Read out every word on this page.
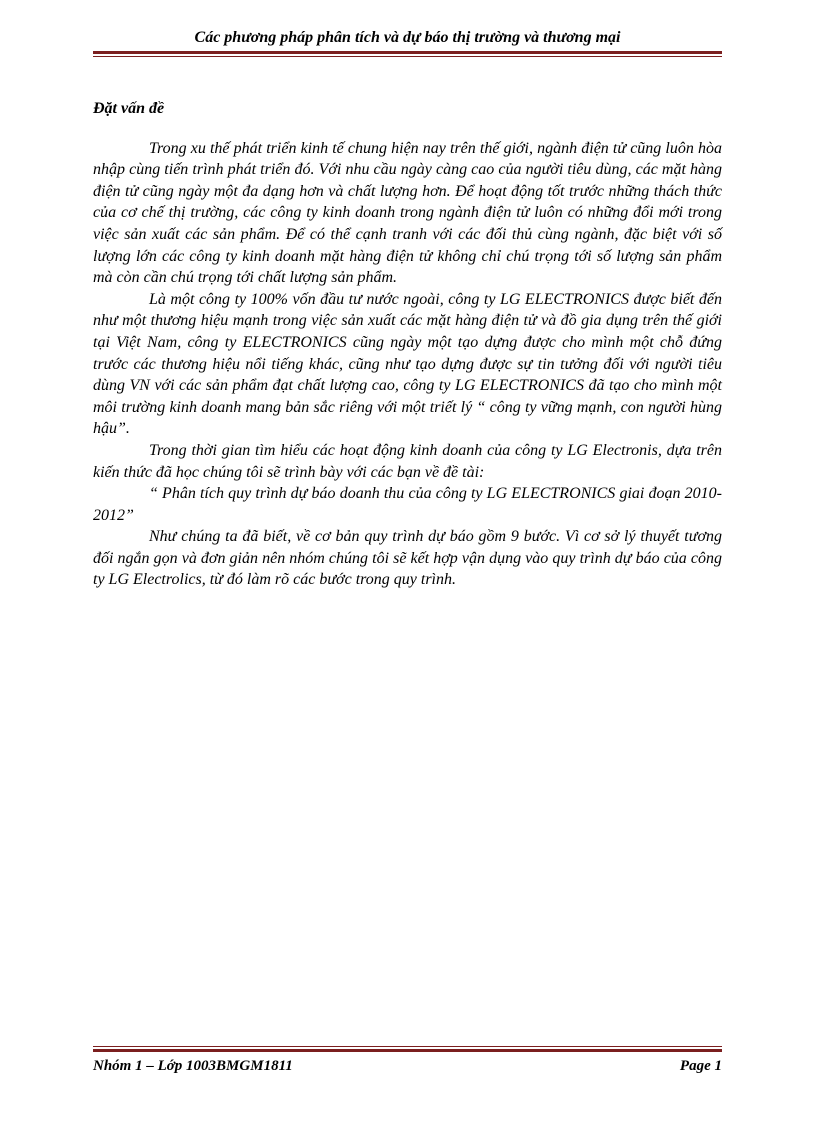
Các phương pháp phân tích và dự báo thị trường và thương mại

Đặt vấn đề

Trong xu thế phát triển kinh tế chung hiện nay trên thế giới, ngành điện tử cũng luôn hòa nhập cùng tiến trình phát triển đó. Với nhu cầu ngày càng cao của người tiêu dùng, các mặt hàng điện tử cũng ngày một đa dạng hơn và chất lượng hơn. Để hoạt động tốt trước những thách thức của cơ chế thị trường, các công ty kinh doanh trong ngành điện tử luôn có những đổi mới trong việc sản xuất các sản phẩm. Để có thể cạnh tranh với các đối thủ cùng ngành, đặc biệt với số lượng lớn các công ty kinh doanh mặt hàng điện tử không chỉ chú trọng tới số lượng sản phẩm mà còn cần chú trọng tới chất lượng sản phẩm.

Là một công ty 100% vốn đầu tư nước ngoài, công ty LG ELECTRONICS được biết đến như một thương hiệu mạnh trong việc sản xuất các mặt hàng điện tử và đồ gia dụng trên thế giới tại Việt Nam, công ty ELECTRONICS cũng ngày một tạo dựng được cho mình một chỗ đứng trước các thương hiệu nổi tiếng khác, cũng như tạo dựng được sự tin tưởng đối với người tiêu dùng VN với các sản phẩm đạt chất lượng cao, công ty LG ELECTRONICS đã tạo cho mình một môi trường kinh doanh mang bản sắc riêng với một triết lý “ công ty vững mạnh, con người hùng hậu”.

Trong thời gian tìm hiểu các hoạt động kinh doanh của công ty LG Electronis, dựa trên kiến thức đã học chúng tôi sẽ trình bày với các bạn về đề tài:

“ Phân tích quy trình dự báo doanh thu của công ty LG ELECTRONICS giai đoạn 2010-2012”

Như chúng ta đã biết, về cơ bản quy trình dự báo gồm 9 bước. Vì cơ sở lý thuyết tương đối ngắn gọn và đơn giản nên nhóm chúng tôi sẽ kết hợp vận dụng vào quy trình dự báo của công ty LG Electrolics, từ đó làm rõ các bước trong quy trình.

Nhóm 1 – Lớp 1003BMGM1811	Page 1
